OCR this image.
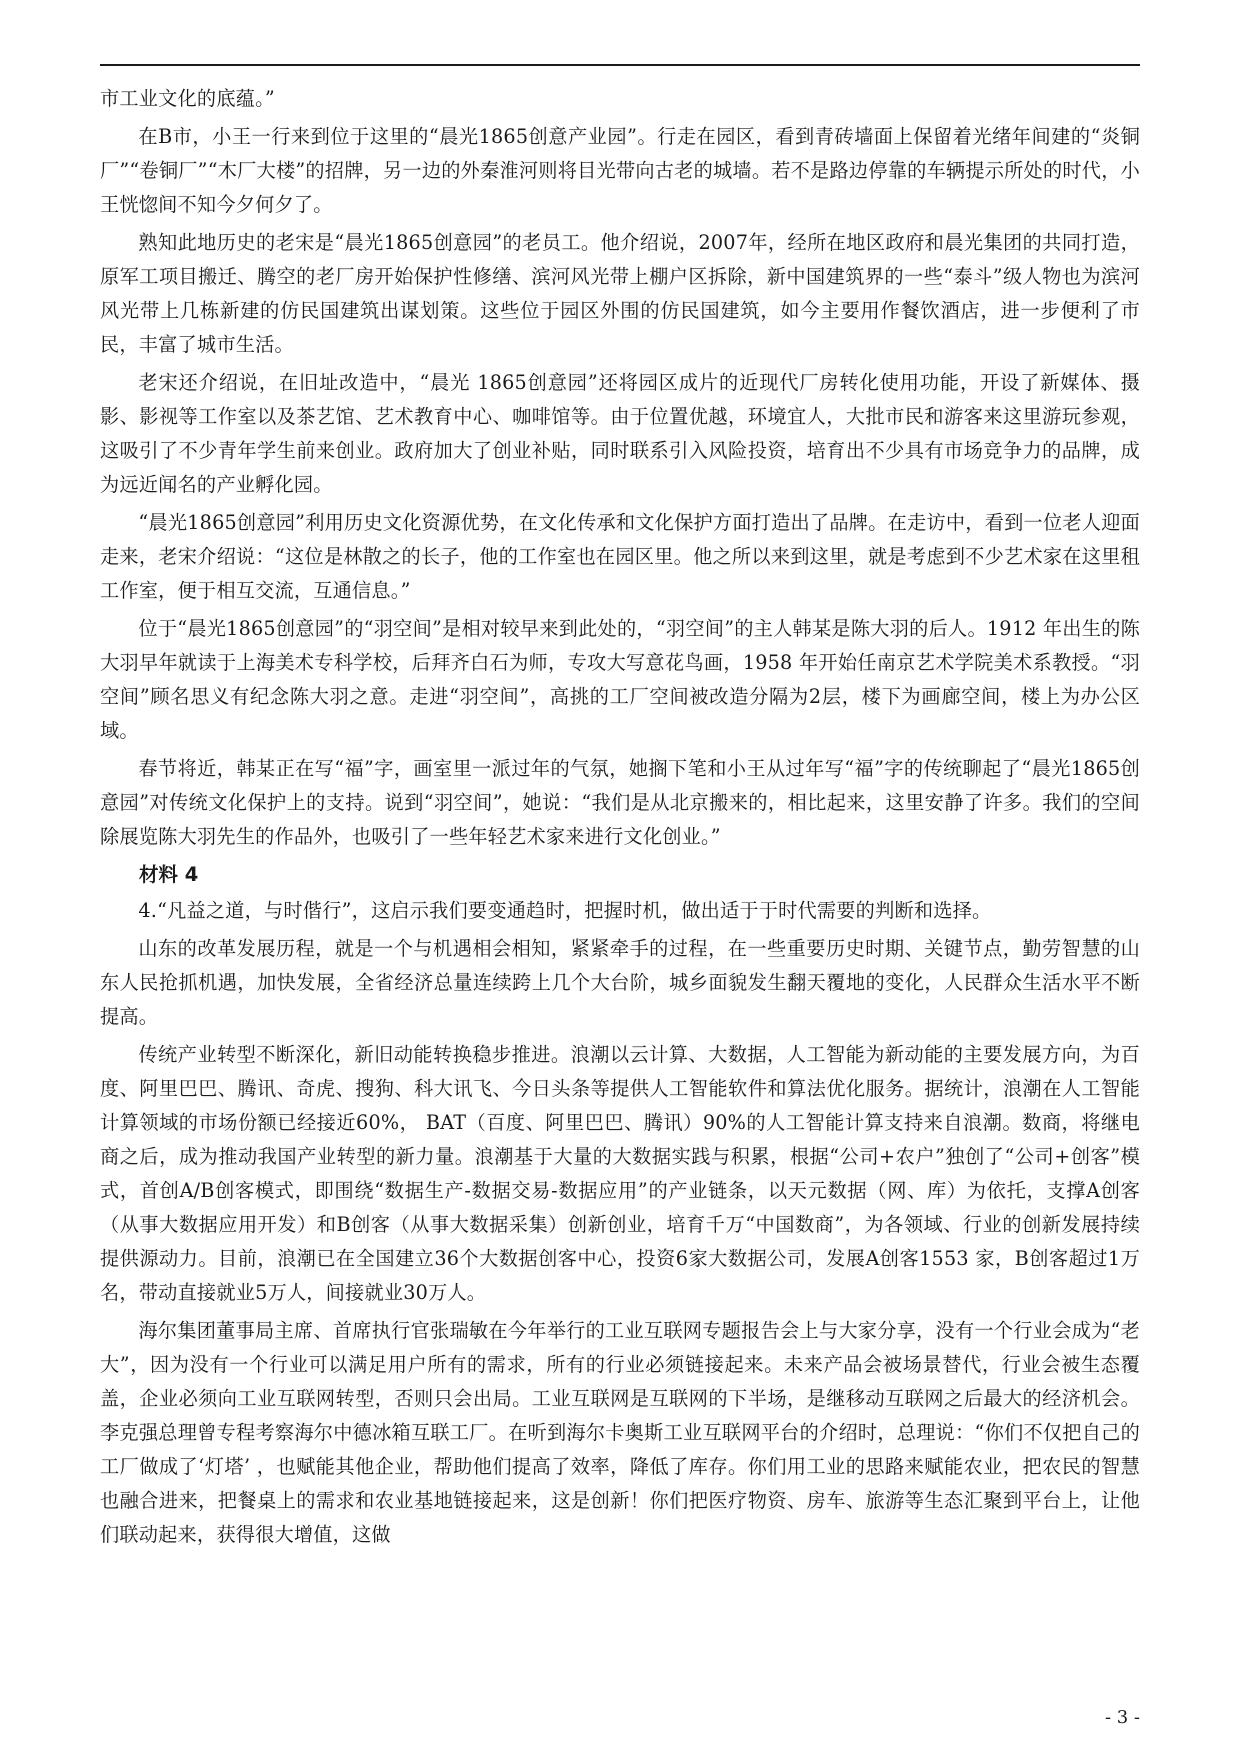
市工业文化的底蕴。”

在B市，小王一行来到位于这里的“晨光1865创意产业园”。行走在园区，看到青砖墙面上保留着光绪年间建的“炎铜厂”“卷铜厂”“木厂大楼”的招牌，另一边的外秦淮河则将目光带向古老的城墙。若不是路边停靠的车辆提示所处的时代，小王恍惚间不知今夕何夕了。

熟知此地历史的老宋是“晨光1865创意园”的老员工。他介绍说，2007年，经所在地区政府和晨光集团的共同打造，原军工项目搬迁、腾空的老厂房开始保护性修缮、滨河风光带上棚户区拆除，新中国建筑界的一些“泰斗”级人物也为滨河风光带上几栋新建的仿民国建筑出谋划策。这些位于园区外围的仿民国建筑，如今主要用作餐饮酒店，进一步便利了市民，丰富了城市生活。

老宋还介绍说，在旧址改造中，“晨光 1865创意园”还将园区成片的近现代厂房转化使用功能，开设了新媒体、摄影、影视等工作室以及茶艺馆、艺术教育中心、咖啡馆等。由于位置优越，环境宜人，大批市民和游客来这里游玩参观，这吸引了不少青年学生前来创业。政府加大了创业补贴，同时联系引入风险投资，培育出不少具有市场竞争力的品牌，成为远近闻名的产业孵化园。

“晨光1865创意园”利用历史文化资源优势，在文化传承和文化保护方面打造出了品牌。在走访中，看到一位老人迎面走来，老宋介绍说：“这位是林散之的长子，他的工作室也在园区里。他之所以来到这里，就是考虑到不少艺术家在这里租工作室，便于相互交流，互通信息。”

位于“晨光1865创意园”的“羽空间”是相对较早来到此处的，“羽空间”的主人韩某是陈大羽的后人。1912 年出生的陈大羽早年就读于上海美术专科学校，后拜齐白石为师，专攻大写意花鸟画，1958 年开始任南京艺术学院美术系教授。“羽空间”顾名思义有纪念陈大羽之意。走进“羽空间”，高挑的工厂空间被改造分隔为2层，楼下为画廊空间，楼上为办公区域。

春节将近，韩某正在写“福”字，画室里一派过年的气氛，她搁下笔和小王从过年写“福”字的传统聊起了“晨光1865创意园”对传统文化保护上的支持。说到“羽空间”，她说：“我们是从北京搬来的，相比起来，这里安静了许多。我们的空间除展览陈大羽先生的作品外，也吸引了一些年轻艺术家来进行文化创业。”

材料 4

4.“凡益之道，与时偕行”，这启示我们要变通趋时，把握时机，做出适于于时代需要的判断和选择。

山东的改革发展历程，就是一个与机遇相会相知，紧紧牵手的过程，在一些重要历史时期、关键节点，勤劳智慧的山东人民抢抓机遇，加快发展，全省经济总量连续跨上几个大台阶，城乡面貌发生翻天覆地的变化，人民群众生活水平不断提高。

传统产业转型不断深化，新旧动能转换稳步推进。浪潮以云计算、大数据，人工智能为新动能的主要发展方向，为百度、阿里巴巴、腾讯、奇虎、搜狗、科大讯飞、今日头条等提供人工智能软件和算法优化服务。据统计，浪潮在人工智能计算领域的市场份额已经接近60%， BAT（百度、阿里巴巴、腾讯）90%的人工智能计算支持来自浪潮。数商，将继电商之后，成为推动我国产业转型的新力量。浪潮基于大量的大数据实践与积累，根据“公司+农户”独创了“公司+创客”模式，首创A/B创客模式，即围绕“数据生产-数据交易-数据应用”的产业链条，以天元数据（网、库）为依托，支撑A创客（从事大数据应用开发）和B创客（从事大数据采集）创新创业，培育千万“中国数商”，为各领域、行业的创新发展持续提供源动力。目前，浪潮已在全国建立36个大数据创客中心，投资6家大数据公司，发展A创客1553 家，B创客超过1万名，带动直接就业5万人，间接就业30万人。

海尔集团董事局主席、首席执行官张瑞敏在今年举行的工业互联网专题报告会上与大家分享，没有一个行业会成为“老大”，因为没有一个行业可以满足用户所有的需求，所有的行业必须链接起来。未来产品会被场景替代，行业会被生态覆盖，企业必须向工业互联网转型，否则只会出局。工业互联网是互联网的下半场，是继移动互联网之后最大的经济机会。李克强总理曾专程考察海尔中德冰箱互联工厂。在听到海尔卡奥斯工业互联网平台的介绍时，总理说：“你们不仅把自己的工厂做成了‘灯塔’ ，也赋能其他企业，帮助他们提高了效率，降低了库存。你们用工业的思路来赋能农业，把农民的智慧也融合进来，把餐桌上的需求和农业基地链接起来，这是创新！你们把医疗物资、房车、旅游等生态汇聚到平台上，让他们联动起来，获得很大增值，这做

- 3 -
